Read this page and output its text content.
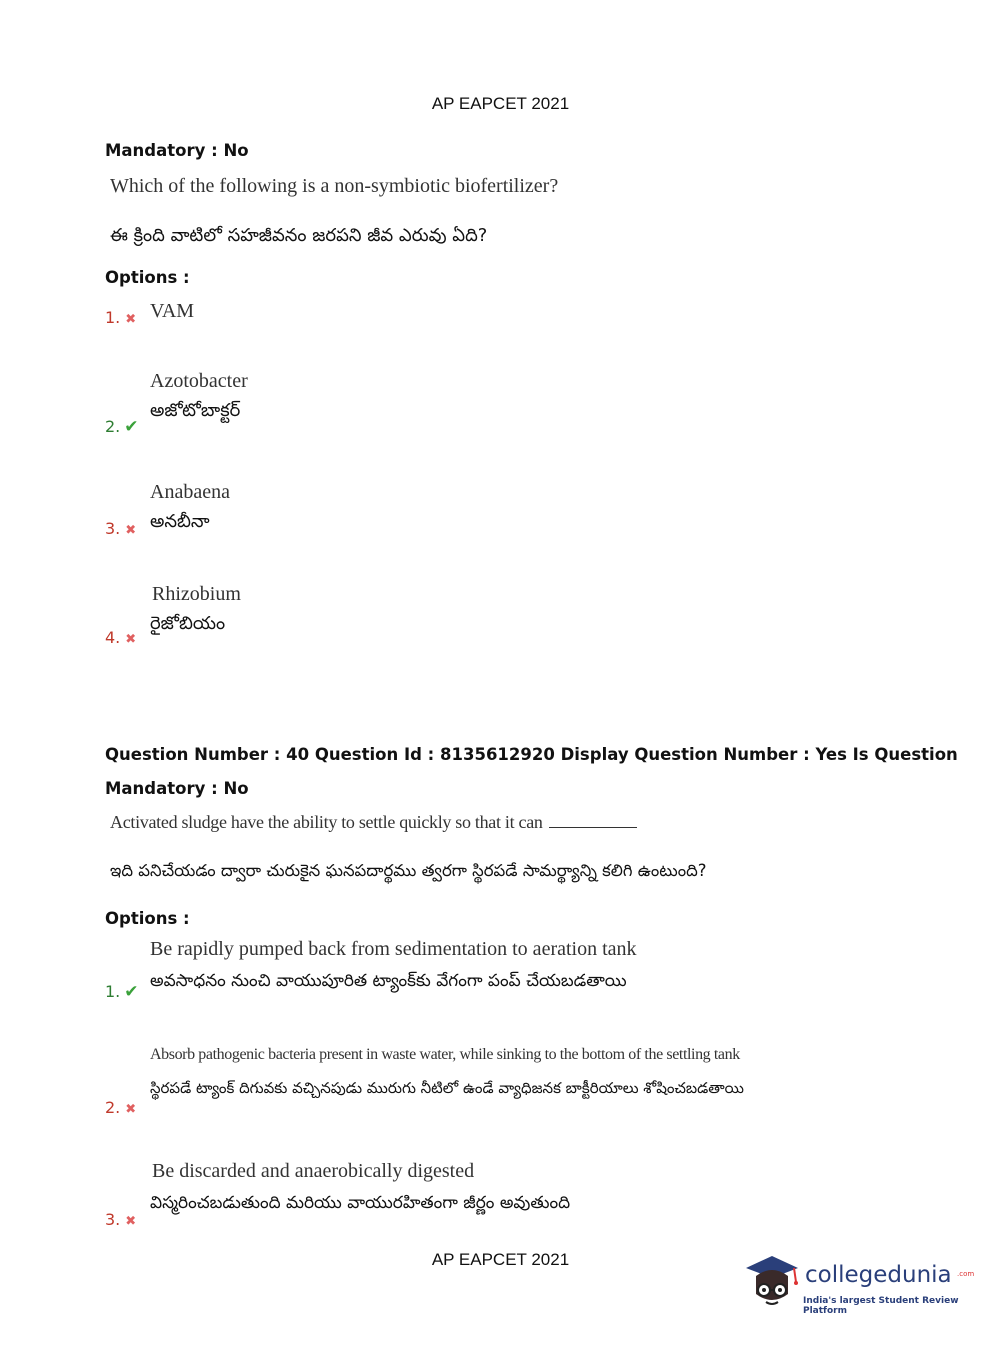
AP EAPCET 2021
Mandatory : No
Which of the following is a non-symbiotic biofertilizer?
ఈ క్రింది వాటిలో సహజీవనం జరపని జీవ ఎరువు ఏది?
Options :
1. ✖ VAM
Azotobacter
అజోటోబాక్టర్
2. ✔
Anabaena
అనబీనా
3. ✖
Rhizobium
రైజోబియం
4. ✖
Question Number : 40 Question Id : 8135612920 Display Question Number : Yes Is Question
Mandatory : No
Activated sludge have the ability to settle quickly so that it can
ఇది పనిచేయడం ద్వారా చురుకైన ఘనపదార్థము త్వరగా స్థిరపడే సామర్థ్యాన్ని కలిగి ఉంటుంది?
Options :
Be rapidly pumped back from sedimentation to aeration tank
అవసాధనం నుంచి వాయుపూరిత ట్యాంక్‌కు వేగంగా పంప్ చేయబడతాయి
1. ✔
Absorb pathogenic bacteria present in waste water, while sinking to the bottom of the settling tank
స్థిరపడే ట్యాంక్ దిగువకు వచ్చినపుడు మురుగు నీటిలో ఉండే వ్యాధిజనక బాక్టీరియాలు శోషించబడతాయి
2. ✖
Be discarded and anaerobically digested
విస్మరించబడుతుంది మరియు వాయురహితంగా జీర్ణం అవుతుంది
3. ✖
AP EAPCET 2021
collegedunia .com
India's largest Student Review Platform
